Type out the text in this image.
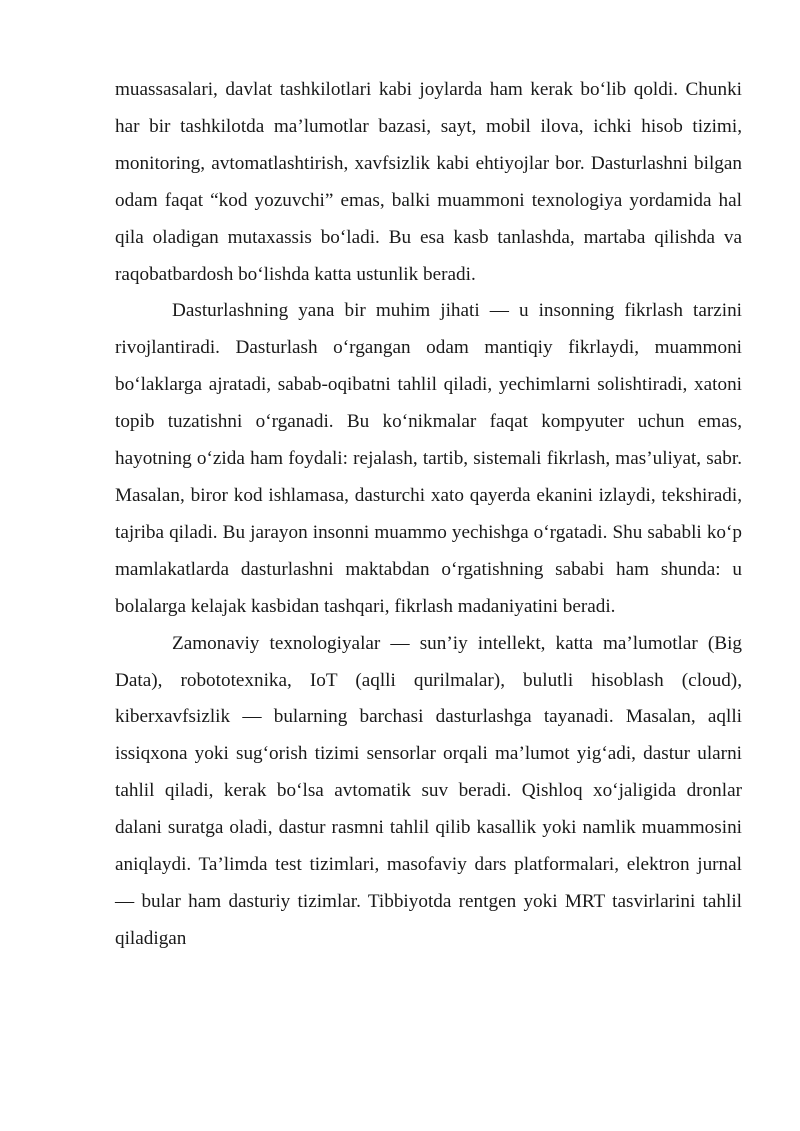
muassasalari, davlat tashkilotlari kabi joylarda ham kerak bo‘lib qoldi. Chunki har bir tashkilotda ma’lumotlar bazasi, sayt, mobil ilova, ichki hisob tizimi, monitoring, avtomatlashtirish, xavfsizlik kabi ehtiyojlar bor. Dasturlashni bilgan odam faqat “kod yozuvchi” emas, balki muammoni texnologiya yordamida hal qila oladigan mutaxassis bo‘ladi. Bu esa kasb tanlashda, martaba qilishda va raqobatbardosh bo‘lishda katta ustunlik beradi.

Dasturlashning yana bir muhim jihati — u insonning fikrlash tarzini rivojlantiradi. Dasturlash o‘rgangan odam mantiqiy fikrlaydi, muammoni bo‘laklarga ajratadi, sabab-oqibatni tahlil qiladi, yechimlarni solishtiradi, xatoni topib tuzatishni o‘rganadi. Bu ko‘nikmalar faqat kompyuter uchun emas, hayotning o‘zida ham foydali: rejalash, tartib, sistemali fikrlash, mas’uliyat, sabr. Masalan, biror kod ishlamasa, dasturchi xato qayerda ekanini izlaydi, tekshiradi, tajriba qiladi. Bu jarayon insonni muammo yechishga o‘rgatadi. Shu sababli ko‘p mamlakatlarda dasturlashni maktabdan o‘rgatishning sababi ham shunda: u bolalarga kelajak kasbidan tashqari, fikrlash madaniyatini beradi.

Zamonaviy texnologiyalar — sun’iy intellekt, katta ma’lumotlar (Big Data), robototexnika, IoT (aqlli qurilmalar), bulutli hisoblash (cloud), kiberxavfsizlik — bularning barchasi dasturlashga tayanadi. Masalan, aqlli issiqxona yoki sug‘orish tizimi sensorlar orqali ma’lumot yig‘adi, dastur ularni tahlil qiladi, kerak bo‘lsa avtomatik suv beradi. Qishloq xo‘jaligida dronlar dalani suratga oladi, dastur rasmni tahlil qilib kasallik yoki namlik muammosini aniqlaydi. Ta’limda test tizimlari, masofaviy dars platformalari, elektron jurnal — bular ham dasturiy tizimlar. Tibbiyotda rentgen yoki MRT tasvirlarini tahlil qiladigan
